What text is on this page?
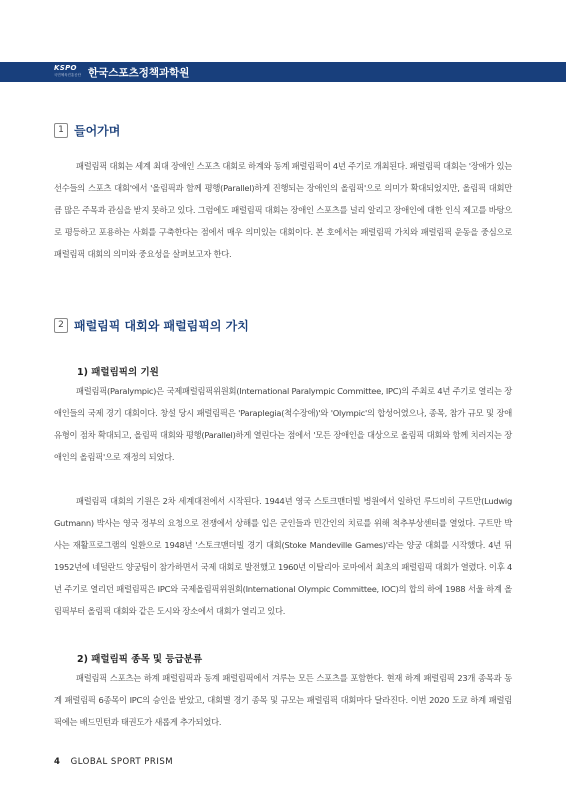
KSPO
국민체육진흥공단 한국스포츠정책과학원
1 들어가며

패럴림픽 대회는 세계 최대 장애인 스포츠 대회로 하계와 동계 패럴림픽이 4년 주기로 개최된다. 패럴림픽 대회는 '장애가 있는 선수들의 스포츠 대회'에서 '올림픽과 함께 평행(Parallel)하게 진행되는 장애인의 올림픽'으로 의미가 확대되었지만, 올림픽 대회만큼 많은 주목과 관심을 받지 못하고 있다. 그럼에도 패럴림픽 대회는 장애인 스포츠를 널리 알리고 장애인에 대한 인식 제고를 바탕으로 평등하고 포용하는 사회를 구축한다는 점에서 매우 의미있는 대회이다. 본 호에서는 패럴림픽 가치와 패럴림픽 운동을 중심으로 패럴림픽 대회의 의미와 중요성을 살펴보고자 한다.

2 패럴림픽 대회와 패럴림픽의 가치
1) 패럴림픽의 기원

패럴림픽(Paralympic)은 국제패럴림픽위원회(International Paralympic Committee, IPC)의 주최로 4년 주기로 열리는 장애인들의 국제 경기 대회이다. 창설 당시 패럴림픽은 'Paraplegia(척수장애)'와 'Olympic'의 합성어였으나, 종목, 참가 규모 및 장애 유형이 점차 확대되고, 올림픽 대회와 평행(Parallel)하게 열린다는 점에서 '모든 장애인을 대상으로 올림픽 대회와 함께 치러지는 장애인의 올림픽'으로 재정의 되었다.

패럴림픽 대회의 기원은 2차 세계대전에서 시작된다. 1944년 영국 스토크맨더빌 병원에서 일하던 루드비히 구트만(Ludwig Gutmann) 박사는 영국 정부의 요청으로 전쟁에서 상해를 입은 군인들과 민간인의 치료를 위해 척추부상센터를 열었다. 구트만 박사는 재활프로그램의 일환으로 1948년 '스토크맨더빌 경기 대회(Stoke Mandeville Games)'라는 양궁 대회를 시작했다. 4년 뒤 1952년에 네덜란드 양궁팀이 참가하면서 국제 대회로 발전했고 1960년 이탈리아 로마에서 최초의 패럴림픽 대회가 열렸다. 이후 4년 주기로 열리던 패럴림픽은 IPC와 국제올림픽위원회(International Olympic Committee, IOC)의 합의 하에 1988 서울 하계 올림픽부터 올림픽 대회와 같은 도시와 장소에서 대회가 열리고 있다.

2) 패럴림픽 종목 및 등급분류

패럴림픽 스포츠는 하계 패럴림픽과 동계 패럴림픽에서 겨루는 모든 스포츠를 포함한다. 현재 하계 패럴림픽 23개 종목과 동계 패럴림픽 6종목이 IPC의 승인을 받았고, 대회별 경기 종목 및 규모는 패럴림픽 대회마다 달라진다. 이번 2020 도쿄 하계 패럴림픽에는 배드민턴과 태권도가 새롭게 추가되었다.

4 GLOBAL SPORT PRISM
